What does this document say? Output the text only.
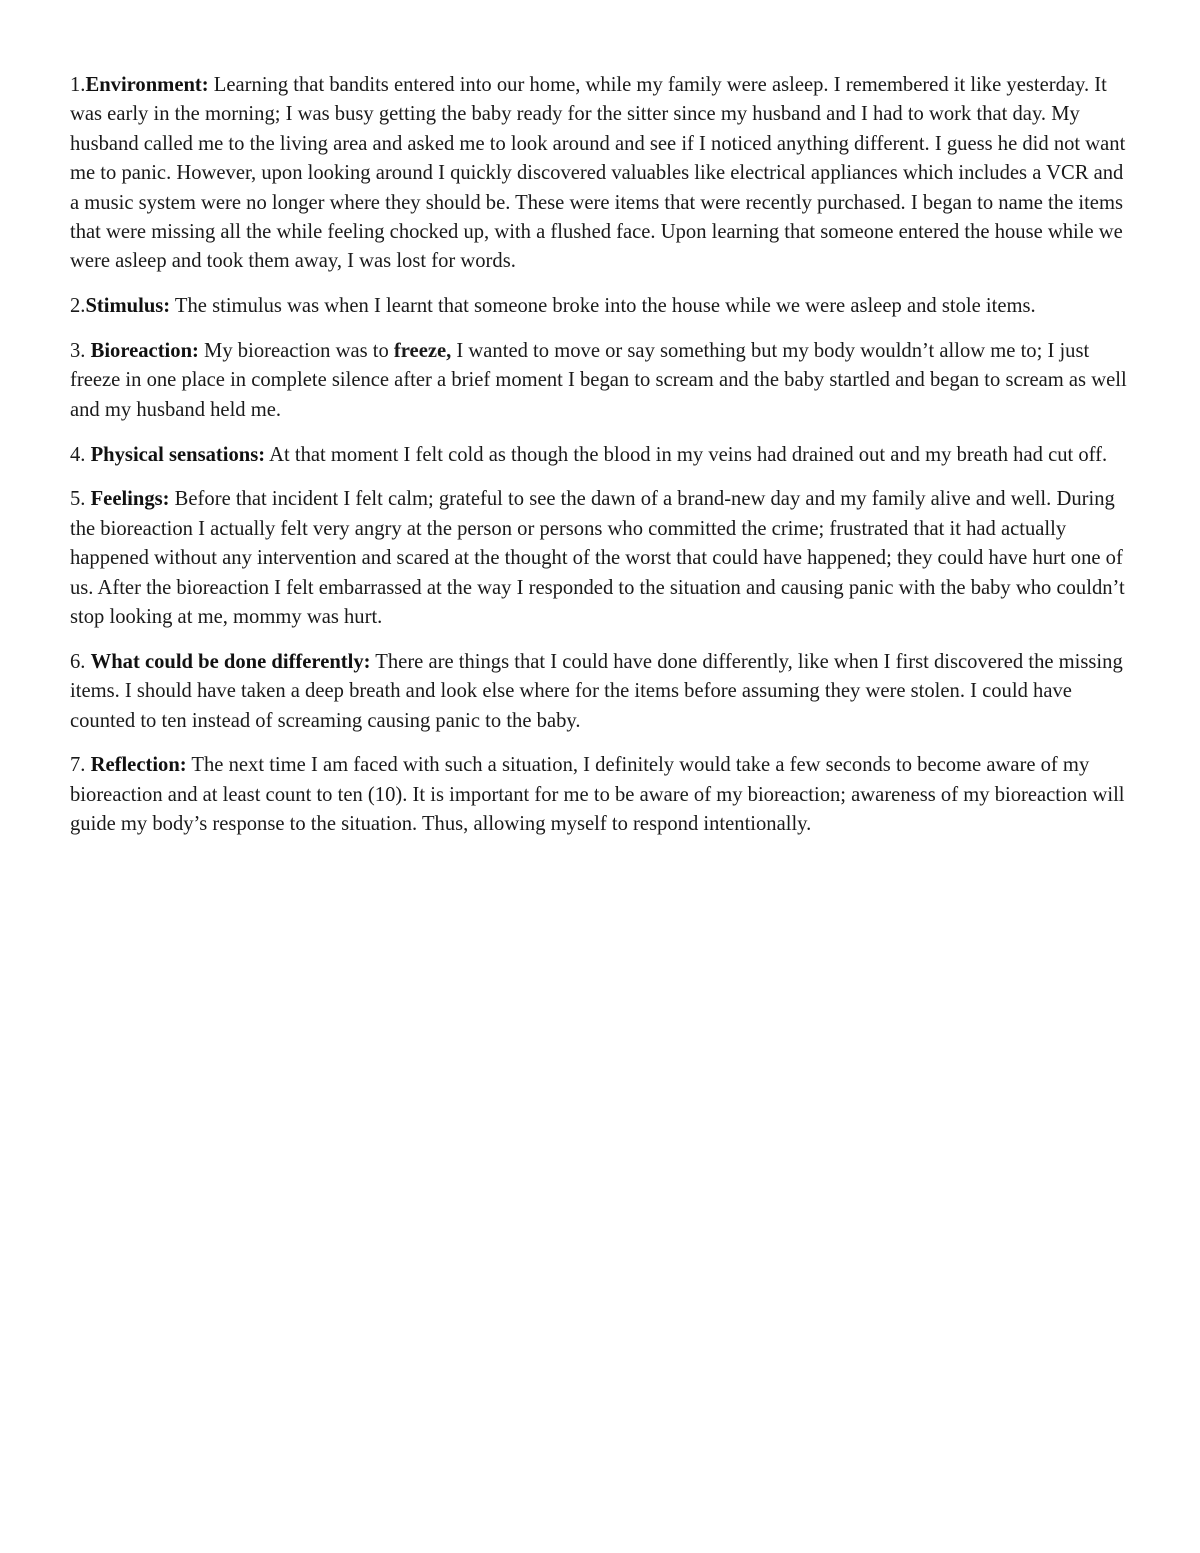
1.Environment: Learning that bandits entered into our home, while my family were asleep. I remembered it like yesterday. It was early in the morning; I was busy getting the baby ready for the sitter since my husband and I had to work that day. My husband called me to the living area and asked me to look around and see if I noticed anything different. I guess he did not want me to panic. However, upon looking around I quickly discovered valuables like electrical appliances which includes a VCR and a music system were no longer where they should be. These were items that were recently purchased. I began to name the items that were missing all the while feeling chocked up, with a flushed face. Upon learning that someone entered the house while we were asleep and took them away, I was lost for words.

2.Stimulus: The stimulus was when I learnt that someone broke into the house while we were asleep and stole items.

3. Bioreaction: My bioreaction was to freeze, I wanted to move or say something but my body wouldn’t allow me to; I just freeze in one place in complete silence after a brief moment I began to scream and the baby startled and began to scream as well and my husband held me.

4. Physical sensations: At that moment I felt cold as though the blood in my veins had drained out and my breath had cut off.

5. Feelings: Before that incident I felt calm; grateful to see the dawn of a brand-new day and my family alive and well. During the bioreaction I actually felt very angry at the person or persons who committed the crime; frustrated that it had actually happened without any intervention and scared at the thought of the worst that could have happened; they could have hurt one of us. After the bioreaction I felt embarrassed at the way I responded to the situation and causing panic with the baby who couldn’t stop looking at me, mommy was hurt.

6. What could be done differently: There are things that I could have done differently, like when I first discovered the missing items. I should have taken a deep breath and look else where for the items before assuming they were stolen. I could have counted to ten instead of screaming causing panic to the baby.

7. Reflection: The next time I am faced with such a situation, I definitely would take a few seconds to become aware of my bioreaction and at least count to ten (10). It is important for me to be aware of my bioreaction; awareness of my bioreaction will guide my body’s response to the situation. Thus, allowing myself to respond intentionally.
